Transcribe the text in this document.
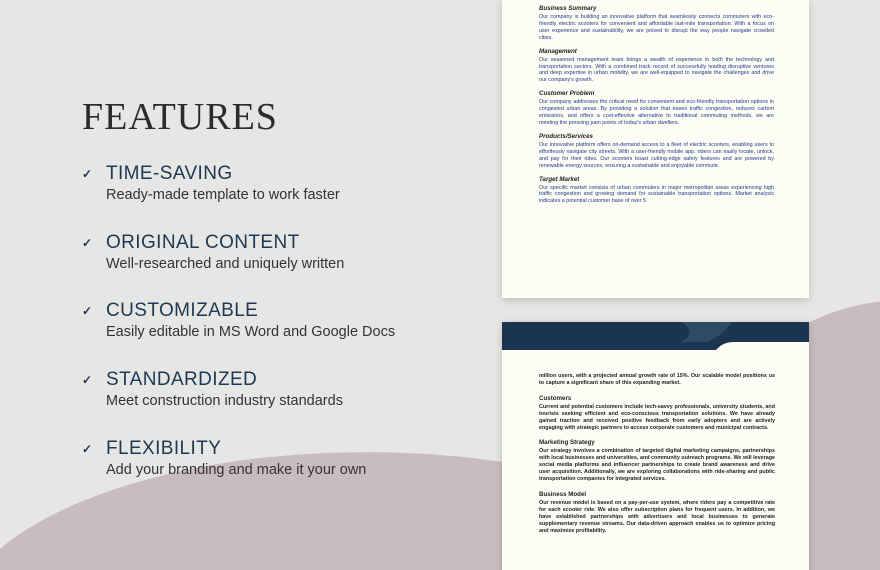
FEATURES
✓ TIME-SAVING
Ready-made template to work faster
✓ ORIGINAL CONTENT
Well-researched and uniquely written
✓ CUSTOMIZABLE
Easily editable in MS Word and Google Docs
✓ STANDARDIZED
Meet construction industry standards
✓ FLEXIBILITY
Add your branding and make it your own
Business Summary
Our company is building an innovative platform that seamlessly connects commuters with eco-friendly electric scooters for convenient and affordable last-mile transportation. With a focus on user experience and sustainability, we are poised to disrupt the way people navigate crowded cities.
Management
Our seasoned management team brings a wealth of experience in both the technology and transportation sectors. With a combined track record of successfully leading disruptive ventures and deep expertise in urban mobility, we are well-equipped to navigate the challenges and drive our company's growth.
Customer Problem
Our company addresses the critical need for convenient and eco-friendly transportation options in congested urban areas. By providing a solution that eases traffic congestion, reduces carbon emissions, and offers a cost-effective alternative to traditional commuting methods, we are meeting the pressing pain points of today's urban dwellers.
Products/Services
Our innovative platform offers on-demand access to a fleet of electric scooters, enabling users to effortlessly navigate city streets. With a user-friendly mobile app, riders can easily locate, unlock, and pay for their rides. Our scooters boast cutting-edge safety features and are powered by renewable energy sources, ensuring a sustainable and enjoyable commute.
Target Market
Our specific market consists of urban commuters in major metropolitan areas experiencing high traffic congestion and growing demand for sustainable transportation options. Market analysis indicates a potential customer base of over 5
million users, with a projected annual growth rate of 15%. Our scalable model positions us to capture a significant share of this expanding market.
Customers
Current and potential customers include tech-savvy professionals, university students, and tourists seeking efficient and eco-conscious transportation solutions. We have already gained traction and received positive feedback from early adopters and are actively engaging with strategic partners to access corporate customers and municipal contracts.
Marketing Strategy
Our strategy involves a combination of targeted digital marketing campaigns, partnerships with local businesses and universities, and community outreach programs. We will leverage social media platforms and influencer partnerships to create brand awareness and drive user acquisition. Additionally, we are exploring collaborations with ride-sharing and public transportation companies for integrated services.
Business Model
Our revenue model is based on a pay-per-use system, where riders pay a competitive rate for each scooter ride. We also offer subscription plans for frequent users. In addition, we have established partnerships with advertisers and local businesses to generate supplementary revenue streams. Our data-driven approach enables us to optimize pricing and maximize profitability.
